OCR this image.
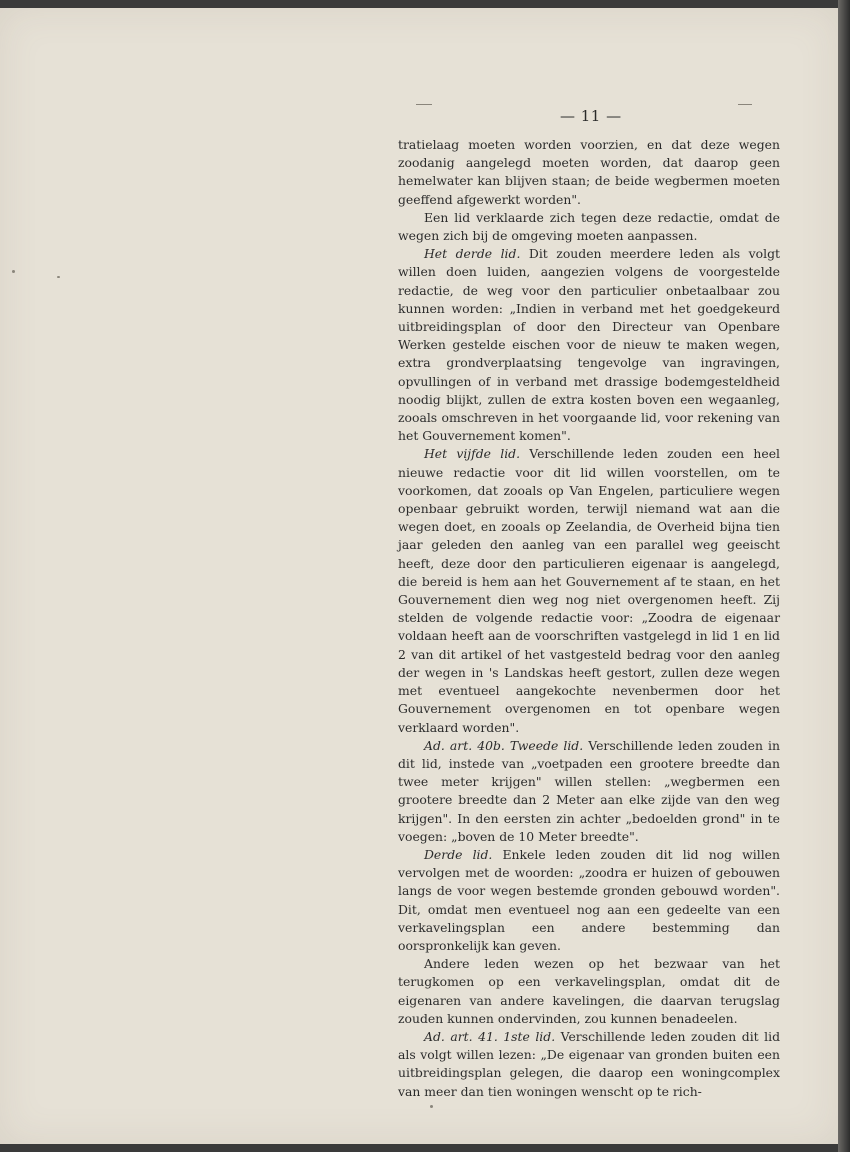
— 11 —

tratielaag moeten worden voorzien, en dat deze wegen zoodanig aangelegd moeten worden, dat daarop geen hemelwater kan blijven staan; de beide wegbermen moeten geeffend afgewerkt worden".

Een lid verklaarde zich tegen deze redactie, omdat de wegen zich bij de omgeving moeten aanpassen.

Het derde lid. Dit zouden meerdere leden als volgt willen doen luiden, aangezien volgens de voorgestelde redactie, de weg voor den particulier onbetaalbaar zou kunnen worden: „Indien in verband met het goedgekeurd uitbreidingsplan of door den Directeur van Openbare Werken gestelde eischen voor de nieuw te maken wegen, extra grondverplaatsing tengevolge van ingravingen, opvullingen of in verband met drassige bodemgesteldheid noodig blijkt, zullen de extra kosten boven een wegaanleg, zooals omschreven in het voorgaande lid, voor rekening van het Gouvernement komen".

Het vijfde lid. Verschillende leden zouden een heel nieuwe redactie voor dit lid willen voorstellen, om te voorkomen, dat zooals op Van Engelen, particuliere wegen openbaar gebruikt worden, terwijl niemand wat aan die wegen doet, en zooals op Zeelandia, de Overheid bijna tien jaar geleden den aanleg van een parallel weg geeischt heeft, deze door den particulieren eigenaar is aangelegd, die bereid is hem aan het Gouvernement af te staan, en het Gouvernement dien weg nog niet overgenomen heeft. Zij stelden de volgende redactie voor: „Zoodra de eigenaar voldaan heeft aan de voorschriften vastgelegd in lid 1 en lid 2 van dit artikel of het vastgesteld bedrag voor den aanleg der wegen in 's Landskas heeft gestort, zullen deze wegen met eventueel aangekochte nevenbermen door het Gouvernement overgenomen en tot openbare wegen verklaard worden".

Ad. art. 40b. Tweede lid. Verschillende leden zouden in dit lid, instede van „voetpaden een grootere breedte dan twee meter krijgen" willen stellen: „wegbermen een grootere breedte dan 2 Meter aan elke zijde van den weg krijgen". In den eersten zin achter „bedoelden grond" in te voegen: „boven de 10 Meter breedte".

Derde lid. Enkele leden zouden dit lid nog willen vervolgen met de woorden: „zoodra er huizen of gebouwen langs de voor wegen bestemde gronden gebouwd worden". Dit, omdat men eventueel nog aan een gedeelte van een verkavelingsplan een andere bestemming dan oorspronkelijk kan geven.

Andere leden wezen op het bezwaar van het terugkomen op een verkavelingsplan, omdat dit de eigenaren van andere kavelingen, die daarvan terugslag zouden kunnen ondervinden, zou kunnen benadeelen.

Ad. art. 41. 1ste lid. Verschillende leden zouden dit lid als volgt willen lezen: „De eigenaar van gronden buiten een uitbreidingsplan gelegen, die daarop een woningcomplex van meer dan tien woningen wenscht op te rich-
